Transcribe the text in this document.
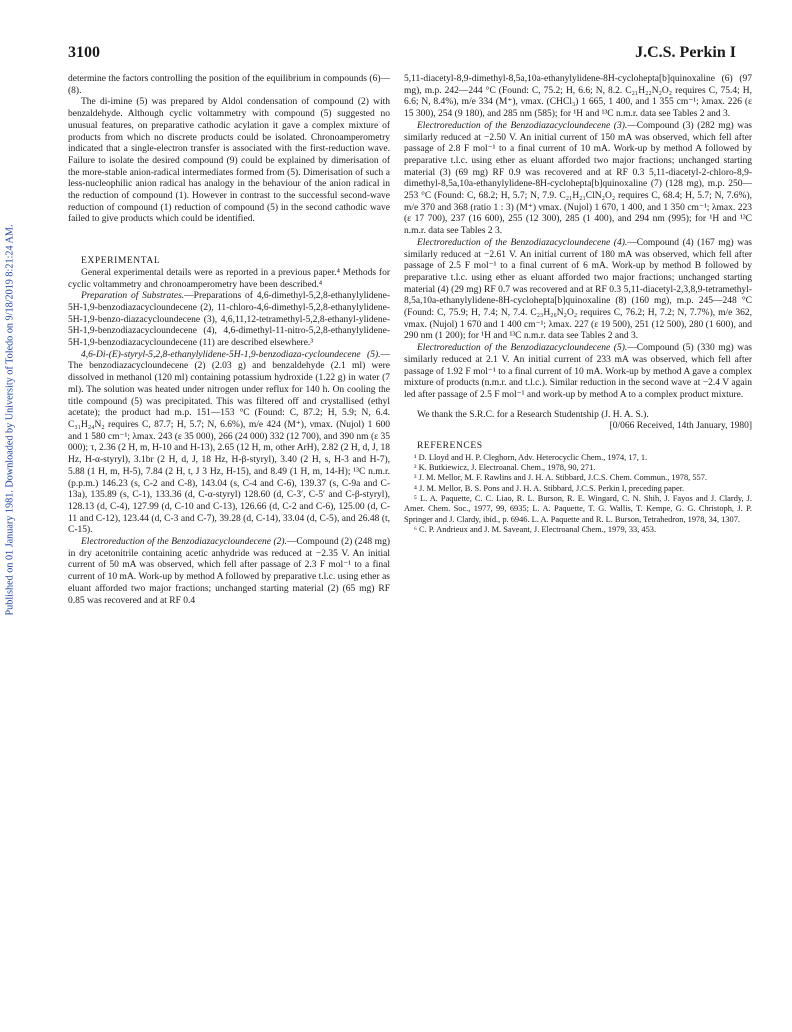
Published on 01 January 1981. Downloaded by University of Toledo on 9/18/2019 8:21:24 AM.
3100	J.C.S. Perkin I

determine the factors controlling the position of the equilibrium in compounds (6)—(8).

The di-imine (5) was prepared by Aldol condensation of compound (2) with benzaldehyde. Although cyclic voltammetry with compound (5) suggested no unusual features, on preparative cathodic acylation it gave a complex mixture of products from which no discrete products could be isolated. Chronoamperometry indicated that a single-electron transfer is associated with the first-reduction wave. Failure to isolate the desired compound (9) could be explained by dimerisation of the more-stable anion-radical intermediates formed from (5). Dimerisation of such a less-nucleophilic anion radical has analogy in the behaviour of the anion radical in the reduction of compound (1). However in contrast to the successful second-wave reduction of compound (1) reduction of compound (5) in the second cathodic wave failed to give products which could be identified.

EXPERIMENTAL

General experimental details were as reported in a previous paper.⁴ Methods for cyclic voltammetry and chronoamperometry have been described.⁴

Preparation of Substrates.—Preparations of 4,6-dimethyl-5,2,8-ethanylylidene-5H-1,9-benzodiazacycloundecene (2), 11-chloro-4,6-dimethyl-5,2,8-ethanylylidene-5H-1,9-benzo-diazacycloundecene (3), 4,6,11,12-tetramethyl-5,2,8-ethanyl-ylidene-5H-1,9-benzodiazacycloundecene (4), 4,6-dimethyl-11-nitro-5,2,8-ethanylylidene-5H-1,9-benzodiazacycloundecene (11) are described elsewhere.³

4,6-Di-(E)-styryl-5,2,8-ethanylylidene-5H-1,9-benzodiaza-cycloundecene (5).—The benzodiazacycloundecene (2) (2.03 g) and benzaldehyde (2.1 ml) were dissolved in methanol (120 ml) containing potassium hydroxide (1.22 g) in water (7 ml). The solution was heated under nitrogen under reflux for 140 h. On cooling the title compound (5) was precipitated. This was filtered off and crystallised (ethyl acetate); the product had m.p. 151—153 °C (Found: C, 87.2; H, 5.9; N, 6.4. C₃₁H₂₄N₂ requires C, 87.7; H, 5.7; N, 6.6%), m/e 424 (M⁺), νmax. (Nujol) 1 600 and 1 580 cm⁻¹; λmax. 243 (ε 35 000), 266 (24 000) 332 (12 700), and 390 nm (ε 35 000); τ, 2.36 (2 H, m, H-10 and H-13), 2.65 (12 H, m, other ArH), 2.82 (2 H, d, J, 18 Hz, H-α-styryl), 3.1br (2 H, d, J, 18 Hz, H-β-styryl), 3.40 (2 H, s, H-3 and H-7), 5.88 (1 H, m, H-5), 7.84 (2 H, t, J 3 Hz, H-15), and 8.49 (1 H, m, 14-H); ¹³C n.m.r. (p.p.m.) 146.23 (s, C-2 and C-8), 143.04 (s, C-4 and C-6), 139.37 (s, C-9a and C-13a), 135.89 (s, C-1), 133.36 (d, C-α-styryl) 128.60 (d, C-3′, C-5′ and C-β-styryl), 128.13 (d, C-4), 127.99 (d, C-10 and C-13), 126.66 (d, C-2 and C-6), 125.00 (d, C-11 and C-12), 123.44 (d, C-3 and C-7), 39.28 (d, C-14), 33.04 (d, C-5), and 26.48 (t, C-15).

Electroreduction of the Benzodiazacycloundecene (2).—Compound (2) (248 mg) in dry acetonitrile containing acetic anhydride was reduced at −2.35 V. An initial current of 50 mA was observed, which fell after passage of 2.3 F mol⁻¹ to a final current of 10 mA. Work-up by method A followed by preparative t.l.c. using ether as eluant afforded two major fractions; unchanged starting material (2) (65 mg) RF 0.85 was recovered and at RF 0.4

5,11-diacetyl-8,9-dimethyl-8,5a,10a-ethanylylidene-8H-cyclohepta[b]quinoxaline (6) (97 mg), m.p. 242—244 °C (Found: C, 75.2; H, 6.6; N, 8.2. C₂₁H₂₂N₂O₂ requires C, 75.4; H, 6.6; N, 8.4%), m/e 334 (M⁺), νmax. (CHCl₃) 1 665, 1 400, and 1 355 cm⁻¹; λmax. 226 (ε 15 300), 254 (9 180), and 285 nm (585); for ¹H and ¹³C n.m.r. data see Tables 2 and 3.

Electroreduction of the Benzodiazacycloundecene (3).—Compound (3) (282 mg) was similarly reduced at −2.50 V. An initial current of 150 mA was observed, which fell after passage of 2.8 F mol⁻¹ to a final current of 10 mA. Work-up by method A followed by preparative t.l.c. using ether as eluant afforded two major fractions; unchanged starting material (3) (69 mg) RF 0.9 was recovered and at RF 0.3 5,11-diacetyl-2-chloro-8,9-dimethyl-8,5a,10a-ethanylylidene-8H-cyclohepta[b]quinoxaline (7) (128 mg), m.p. 250—253 °C (Found: C, 68.2; H, 5.7; N, 7.9. C₂₁H₂₁ClN₂O₂ requires C, 68.4; H, 5.7; N, 7.6%), m/e 370 and 368 (ratio 1 : 3) (M⁺) νmax. (Nujol) 1 670, 1 400, and 1 350 cm⁻¹; λmax. 223 (ε 17 700), 237 (16 600), 255 (12 300), 285 (1 400), and 294 nm (995); for ¹H and ¹³C n.m.r. data see Tables 2 3.

Electroreduction of the Benzodiazacycloundecene (4).—Compound (4) (167 mg) was similarly reduced at −2.61 V. An initial current of 180 mA was observed, which fell after passage of 2.5 F mol⁻¹ to a final current of 6 mA. Work-up by method B followed by preparative t.l.c. using ether as eluant afforded two major fractions; unchanged starting material (4) (29 mg) RF 0.7 was recovered and at RF 0.3 5,11-diacetyl-2,3,8,9-tetramethyl-8,5a,10a-ethanylylidene-8H-cyclohepta[b]quinoxaline (8) (160 mg), m.p. 245—248 °C (Found: C, 75.9; H, 7.4; N, 7.4. C₂₃H₂₆N₂O₂ requires C, 76.2; H, 7.2; N, 7.7%), m/e 362, νmax. (Nujol) 1 670 and 1 400 cm⁻¹; λmax. 227 (ε 19 500), 251 (12 500), 280 (1 600), and 290 nm (1 200); for ¹H and ¹³C n.m.r. data see Tables 2 and 3.

Electroreduction of the Benzodiazacycloundecene (5).—Compound (5) (330 mg) was similarly reduced at 2.1 V. An initial current of 233 mA was observed, which fell after passage of 1.92 F mol⁻¹ to a final current of 10 mA. Work-up by method A gave a complex mixture of products (n.m.r. and t.l.c.). Similar reduction in the second wave at −2.4 V again led after passage of 2.5 F mol⁻¹ and work-up by method A to a complex product mixture.

We thank the S.R.C. for a Research Studentship (J. H. A. S.).

[0/066 Received, 14th January, 1980]

REFERENCES

¹ D. Lloyd and H. P. Cleghorn, Adv. Heterocyclic Chem., 1974, 17, 1.

² K. Butkiewicz, J. Electroanal. Chem., 1978, 90, 271.

³ J. M. Mellor, M. F. Rawlins and J. H. A. Stibbard, J.C.S. Chem. Commun., 1978, 557.

⁴ J. M. Mellor, B. S. Pons and J. H. A. Stibbard, J.C.S. Perkin I, preceding paper.

⁵ L. A. Paquette, C. C. Liao, R. L. Burson, R. E. Wingard, C. N. Shih, J. Fayos and J. Clardy, J. Amer. Chem. Soc., 1977, 99, 6935; L. A. Paquette, T. G. Wallis, T. Kempe, G. G. Christoph, J. P. Springer and J. Clardy, ibid., p. 6946. L. A. Paquette and R. L. Burson, Tetrahedron, 1978, 34, 1307.

⁶ C. P. Andrieux and J. M. Saveant, J. Electroanal Chem., 1979, 33, 453.
